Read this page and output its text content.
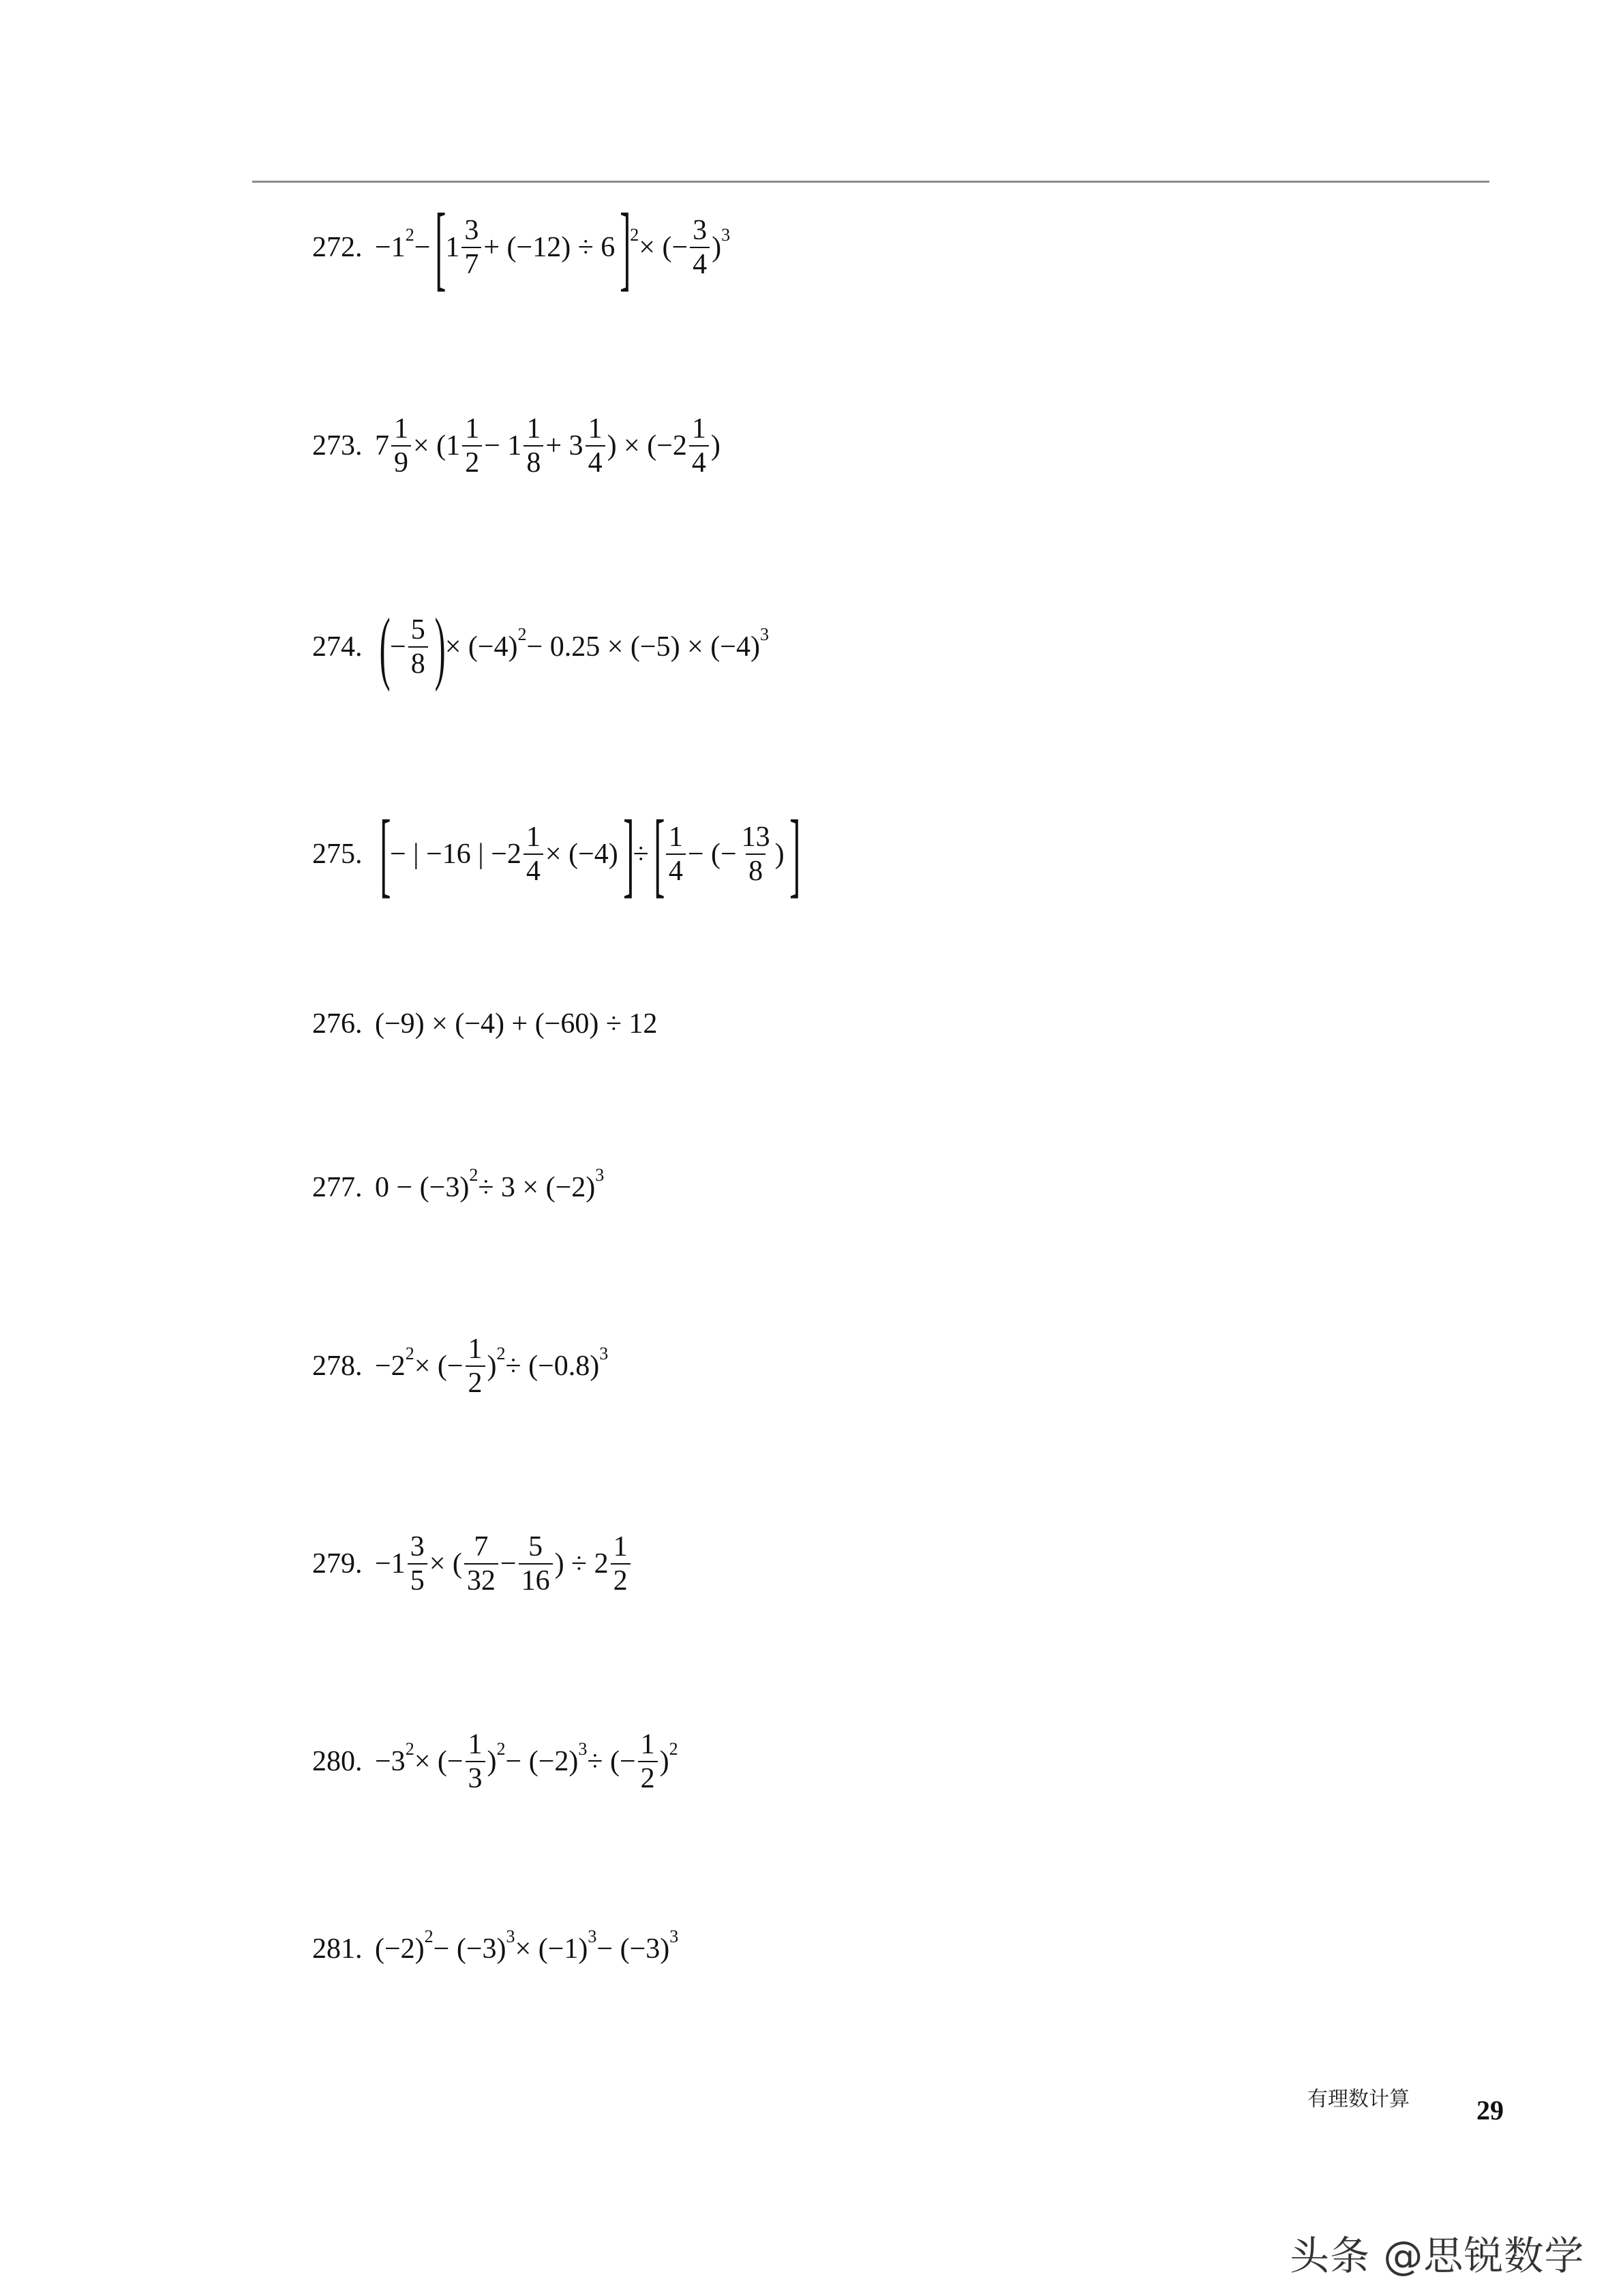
272. $-1^2$ − [
$1 \frac{3}{7} + (-12) \div 6$ ]
$^2$ × (− $\frac{3}{4} )^3$
273. $7 \frac{1}{9} \times (1 \frac{1}{2} - 1 \frac{1}{8} + 3 \frac{1}{4}$ ) × ($-2 \frac{1}{4}$ )
274. ( − $\frac{5}{8}$ ) × $(-4)^2 - 0.25 \times (-5) \times (-4)^3$
275. [
− | −16 | $-2 \frac{1}{4} \times (-4)$ ]
÷ [ $\frac{1}{4}$ − (− $\frac{13}{8}$ ) ]
276. (−9) × (−4) + (−60) ÷ 12
277. $0 - (-3)^2 \div 3 \times (-2)^3$
278. $-2^2$ × (− $\frac{1}{2} )^2 \div (-0.8)^3$
279. $-1 \frac{3}{5}$ × ( $\frac{7}{32} - \frac{5}{16}$ ) ÷ $2 \frac{1}{2}$
280. $-3^2$ × (− $\frac{1}{3} )^2 - (-2)^3$ ÷ (− $\frac{1}{2} )^2$
281. $(-2)^2 - (-3)^3 \times (-1)^3 - (-3)^3$
有理数计算 29
头条 @思锐数学
